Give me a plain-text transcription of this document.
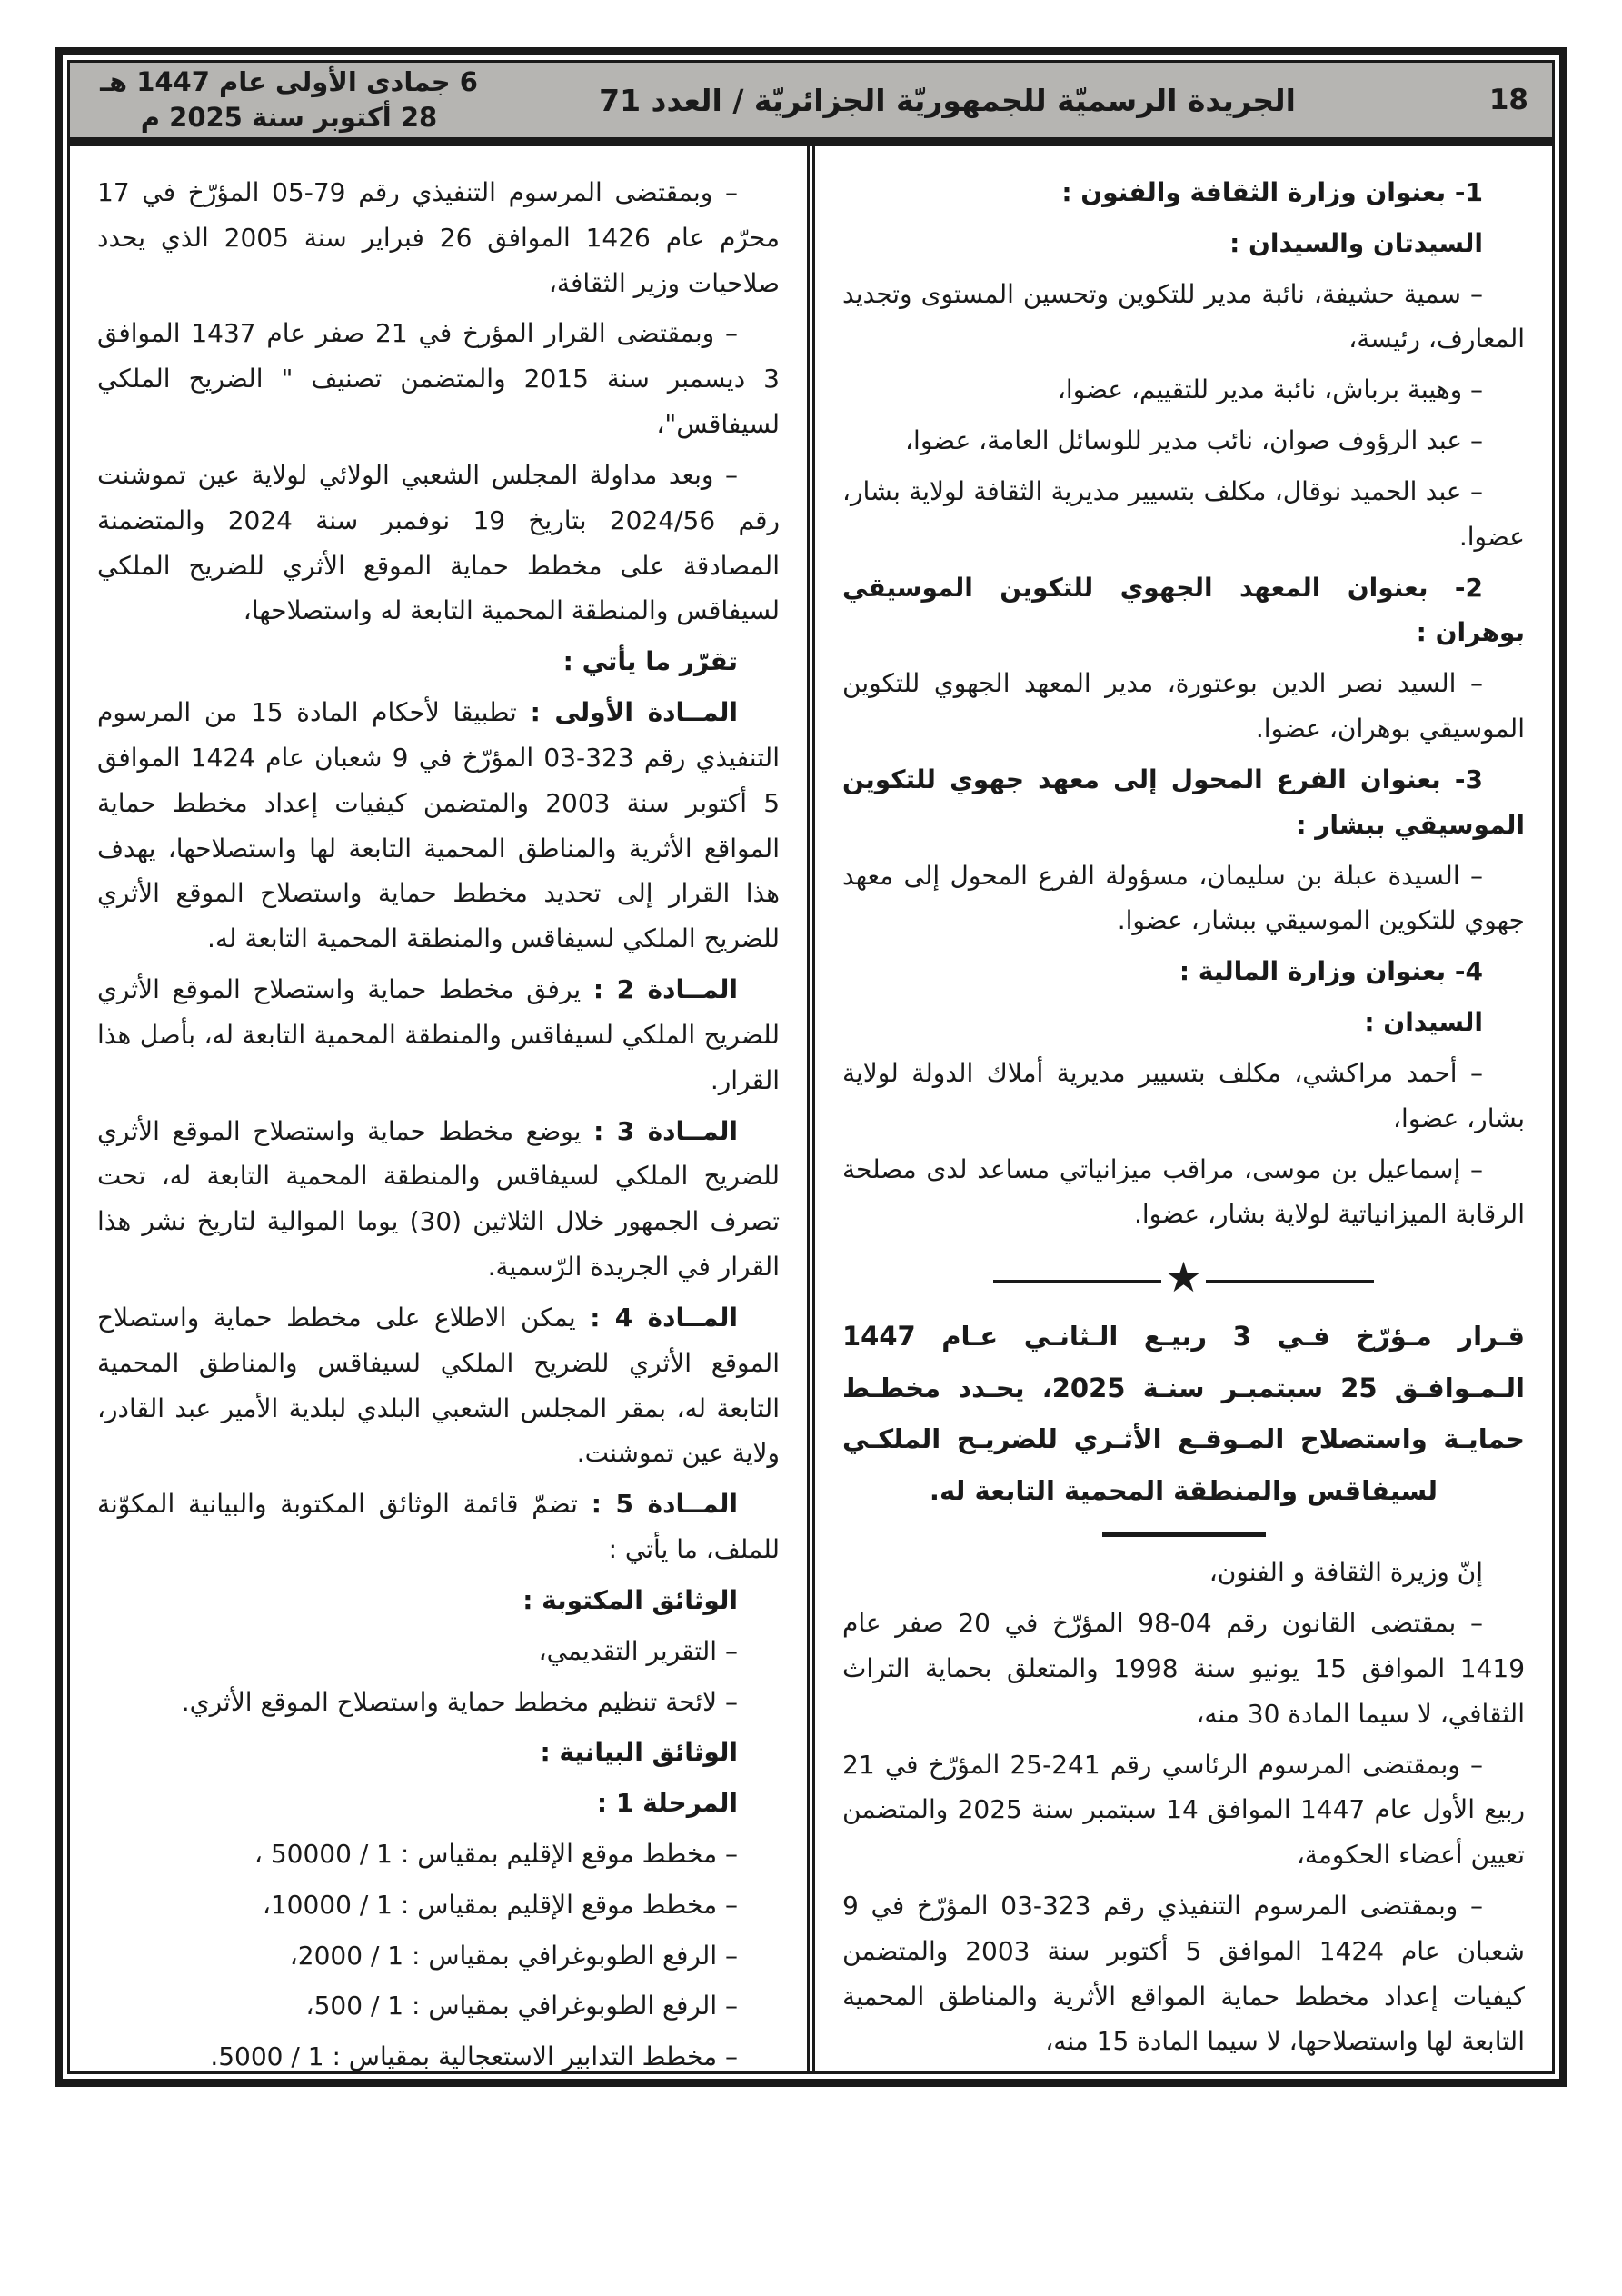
18
الجريدة الرسميّة للجمهوريّة الجزائريّة / العدد 71
6 جمادى الأولى عام 1447 هـ
28 أكتوبر سنة 2025 م

1- بعنوان وزارة الثقافة والفنون :

السيدتان والسيدان :

– سمية حشيفة، نائبة مدير للتكوين وتحسين المستوى وتجديد المعارف، رئيسة،

– وهيبة برباش، نائبة مدير للتقييم، عضوا،

– عبد الرؤوف صوان، نائب مدير للوسائل العامة، عضوا،

– عبد الحميد نوقال، مكلف بتسيير مديرية الثقافة لولاية بشار، عضوا.

2- بعنوان المعهد الجهوي للتكوين الموسيقي بوهران :

– السيد نصر الدين بوعتورة، مدير المعهد الجهوي للتكوين الموسيقي بوهران، عضوا.

3- بعنوان الفرع المحول إلى معهد جهوي للتكوين الموسيقي ببشار :

– السيدة عبلة بن سليمان، مسؤولة الفرع المحول إلى معهد جهوي للتكوين الموسيقي ببشار، عضوا.

4- بعنوان وزارة المالية :

السيدان :

– أحمد مراكشي، مكلف بتسيير مديرية أملاك الدولة لولاية بشار، عضوا،

– إسماعيل بن موسى، مراقب ميزانياتي مساعد لدى مصلحة الرقابة الميزانياتية لولاية بشار، عضوا.

★

قـرار مـؤرّخ فـي 3 ربيـع الـثانـي عـام 1447 الـمـوافـق 25 سبتمبـر سنـة 2025، يحـدد مخطـط حمايـة واستصلاح المـوقـع الأثـري للضريـح الملكـي لسيفاقس والمنطقة المحمية التابعة له.

إنّ وزيرة الثقافة و الفنون،

– بمقتضى القانون رقم 04-98 المؤرّخ في 20 صفر عام 1419 الموافق 15 يونيو سنة 1998 والمتعلق بحماية التراث الثقافي، لا سيما المادة 30 منه،

– وبمقتضى المرسوم الرئاسي رقم 241-25 المؤرّخ في 21 ربيع الأول عام 1447 الموافق 14 سبتمبر سنة 2025 والمتضمن تعيين أعضاء الحكومة،

– وبمقتضى المرسوم التنفيذي رقم 323-03 المؤرّخ في 9 شعبان عام 1424 الموافق 5 أكتوبر سنة 2003 والمتضمن كيفيات إعداد مخطط حماية المواقع الأثرية والمناطق المحمية التابعة لها واستصلاحها، لا سيما المادة 15 منه،

– وبمقتضى المرسوم التنفيذي رقم 79-05 المؤرّخ في 17 محرّم عام 1426 الموافق 26 فبراير سنة 2005 الذي يحدد صلاحيات وزير الثقافة،

– وبمقتضى القرار المؤرخ في 21 صفر عام 1437 الموافق 3 ديسمبر سنة 2015 والمتضمن تصنيف " الضريح الملكي لسيفاقس"،

– وبعد مداولة المجلس الشعبي الولائي لولاية عين تموشنت رقم 2024/56 بتاريخ 19 نوفمبر سنة 2024 والمتضمنة المصادقة على مخطط حماية الموقع الأثري للضريح الملكي لسيفاقس والمنطقة المحمية التابعة له واستصلاحها،

تقرّر ما يأتي :

المــادة الأولى : تطبيقا لأحكام المادة 15 من المرسوم التنفيذي رقم 323-03 المؤرّخ في 9 شعبان عام 1424 الموافق 5 أكتوبر سنة 2003 والمتضمن كيفيات إعداد مخطط حماية المواقع الأثرية والمناطق المحمية التابعة لها واستصلاحها، يهدف هذا القرار إلى تحديد مخطط حماية واستصلاح الموقع الأثري للضريح الملكي لسيفاقس والمنطقة المحمية التابعة له.

المــادة 2 : يرفق مخطط حماية واستصلاح الموقع الأثري للضريح الملكي لسيفاقس والمنطقة المحمية التابعة له، بأصل هذا القرار.

المــادة 3 : يوضع مخطط حماية واستصلاح الموقع الأثري للضريح الملكي لسيفاقس والمنطقة المحمية التابعة له، تحت تصرف الجمهور خلال الثلاثين (30) يوما الموالية لتاريخ نشر هذا القرار في الجريدة الرّسمية.

المــادة 4 : يمكن الاطلاع على مخطط حماية واستصلاح الموقع الأثري للضريح الملكي لسيفاقس والمناطق المحمية التابعة له، بمقر المجلس الشعبي البلدي لبلدية الأمير عبد القادر، ولاية عين تموشنت.

المــادة 5 : تضمّ قائمة الوثائق المكتوبة والبيانية المكوّنة للملف، ما يأتي :

الوثائق المكتوبة :

– التقرير التقديمي،

– لائحة تنظيم مخطط حماية واستصلاح الموقع الأثري.

الوثائق البيانية :

المرحلة 1 :

– مخطط موقع الإقليم بمقياس : 1 / 50000 ،

– مخطط موقع الإقليم بمقياس : 1 / 10000،

– الرفع الطوبوغرافي بمقياس : 1 / 2000،

– الرفع الطوبوغرافي بمقياس : 1 / 500،

– مخطط التدابير الاستعجالية بمقياس : 1 / 5000.
